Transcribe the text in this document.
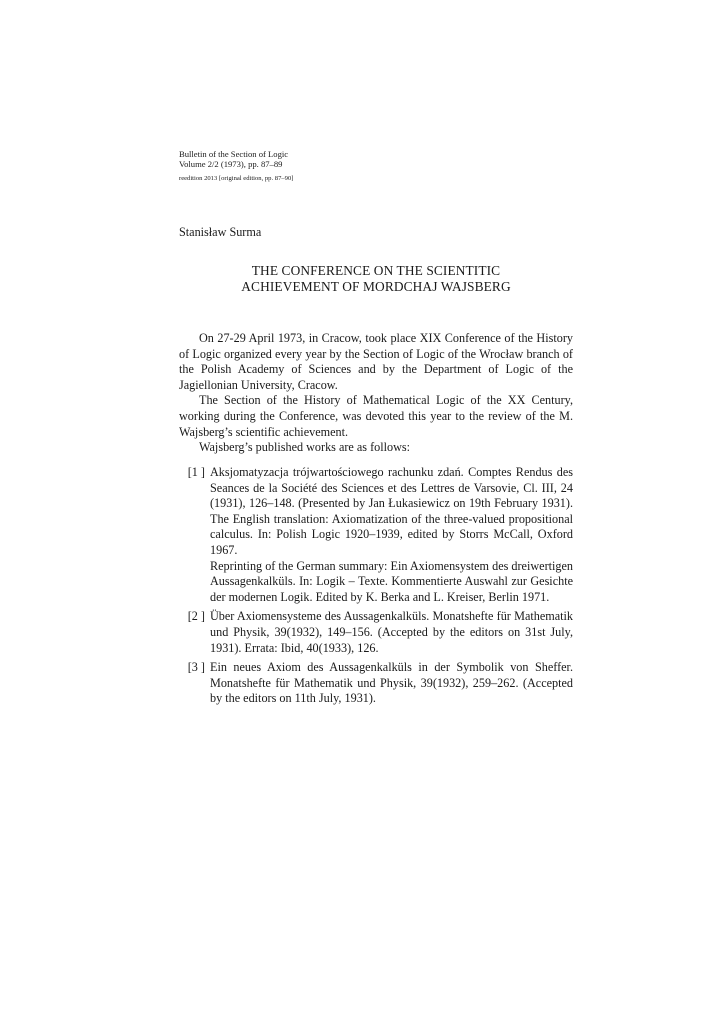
Bulletin of the Section of Logic
Volume 2/2 (1973), pp. 87–89
reedition 2013 [original edition, pp. 87–90]
Stanisław Surma
THE CONFERENCE ON THE SCIENTITIC
ACHIEVEMENT OF MORDCHAJ WAJSBERG

On 27-29 April 1973, in Cracow, took place XIX Conference of the History of Logic organized every year by the Section of Logic of the Wrocław branch of the Polish Academy of Sciences and by the Department of Logic of the Jagiellonian University, Cracow.

The Section of the History of Mathematical Logic of the XX Century, working during the Conference, was devoted this year to the review of the M. Wajsberg’s scientific achievement.

Wajsberg’s published works are as follows:

[1 ] Aksjomatyzacja trójwartościowego rachunku zdań. Comptes Rendus des Seances de la Société des Sciences et des Lettres de Varsovie, Cl. III, 24 (1931), 126–148. (Presented by Jan Łukasiewicz on 19th February 1931). The English translation: Axiomatization of the three-valued propositional calculus. In: Polish Logic 1920–1939, edited by Storrs McCall, Oxford 1967.
Reprinting of the German summary: Ein Axiomensystem des dreiwertigen Aussagenkalküls. In: Logik – Texte. Kommentierte Auswahl zur Gesichte der modernen Logik. Edited by K. Berka and L. Kreiser, Berlin 1971.
[2 ] Über Axiomensysteme des Aussagenkalküls. Monatshefte für Mathematik und Physik, 39(1932), 149–156. (Accepted by the editors on 31st July, 1931). Errata: Ibid, 40(1933), 126.
[3 ] Ein neues Axiom des Aussagenkalküls in der Symbolik von Sheffer. Monatshefte für Mathematik und Physik, 39(1932), 259–262. (Accepted by the editors on 11th July, 1931).
